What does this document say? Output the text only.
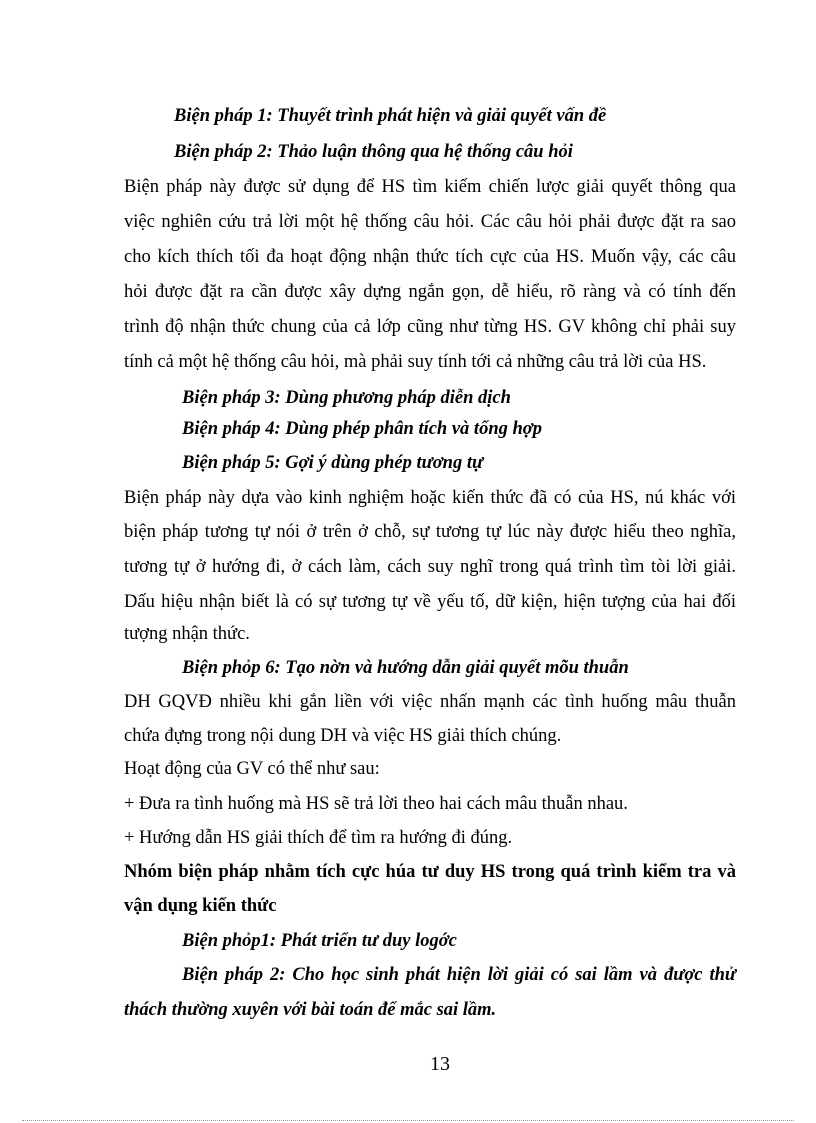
Biện pháp 1: Thuyết trình phát hiện và giải quyết vấn đề
Biện pháp 2: Thảo luận thông qua hệ thống câu hỏi
Biện pháp này được sử dụng để HS tìm kiếm chiến lược giải quyết thông qua
việc nghiên cứu trả lời một hệ thống câu hỏi. Các câu hỏi phải được đặt ra sao
cho kích thích tối đa hoạt động nhận thức tích cực của HS. Muốn vậy, các câu
hỏi được đặt ra cần được xây dựng ngắn gọn, dễ hiểu, rõ ràng và có tính đến
trình độ nhận thức chung của cả lớp cũng như từng HS. GV không chỉ phải suy
tính cả một hệ thống câu hỏi, mà phải suy tính tới cả những câu trả lời của HS.
Biện pháp 3: Dùng phương pháp diễn dịch
Biện pháp 4: Dùng phép phân tích và tổng hợp
Biện pháp 5: Gợi ý dùng phép tương tự
Biện pháp này dựa vào kinh nghiệm hoặc kiến thức đã có của HS, nú khác với
biện pháp tương tự nói ở trên ở chỗ, sự tương tự lúc này được hiểu theo nghĩa,
tương tự ở hướng đi, ở cách làm, cách suy nghĩ trong quá trình tìm tòi lời giải.
Dấu hiệu nhận biết là có sự tương tự về yếu tố, dữ kiện, hiện tượng của hai đối
tượng nhận thức.
Biện phỏp 6: Tạo nờn và hướng dẫn giải quyết mõu thuẫn
DH GQVĐ nhiều khi gắn liền với việc nhấn mạnh các tình huống mâu thuẫn
chứa đựng trong nội dung DH và việc HS giải thích chúng.
Hoạt động của GV có thể như sau:
+ Đưa ra tình huống mà HS sẽ trả lời theo hai cách mâu thuẫn nhau.
+ Hướng dẫn HS giải thích để tìm ra hướng đi đúng.
Nhóm biện pháp nhằm tích cực húa tư duy HS trong quá trình kiểm tra và
vận dụng kiến thức
Biện phỏp1: Phát triển tư duy logớc
Biện pháp 2: Cho học sinh phát hiện lời giải có sai lầm và được thử
thách thường xuyên với bài toán để mắc sai lầm.
13
